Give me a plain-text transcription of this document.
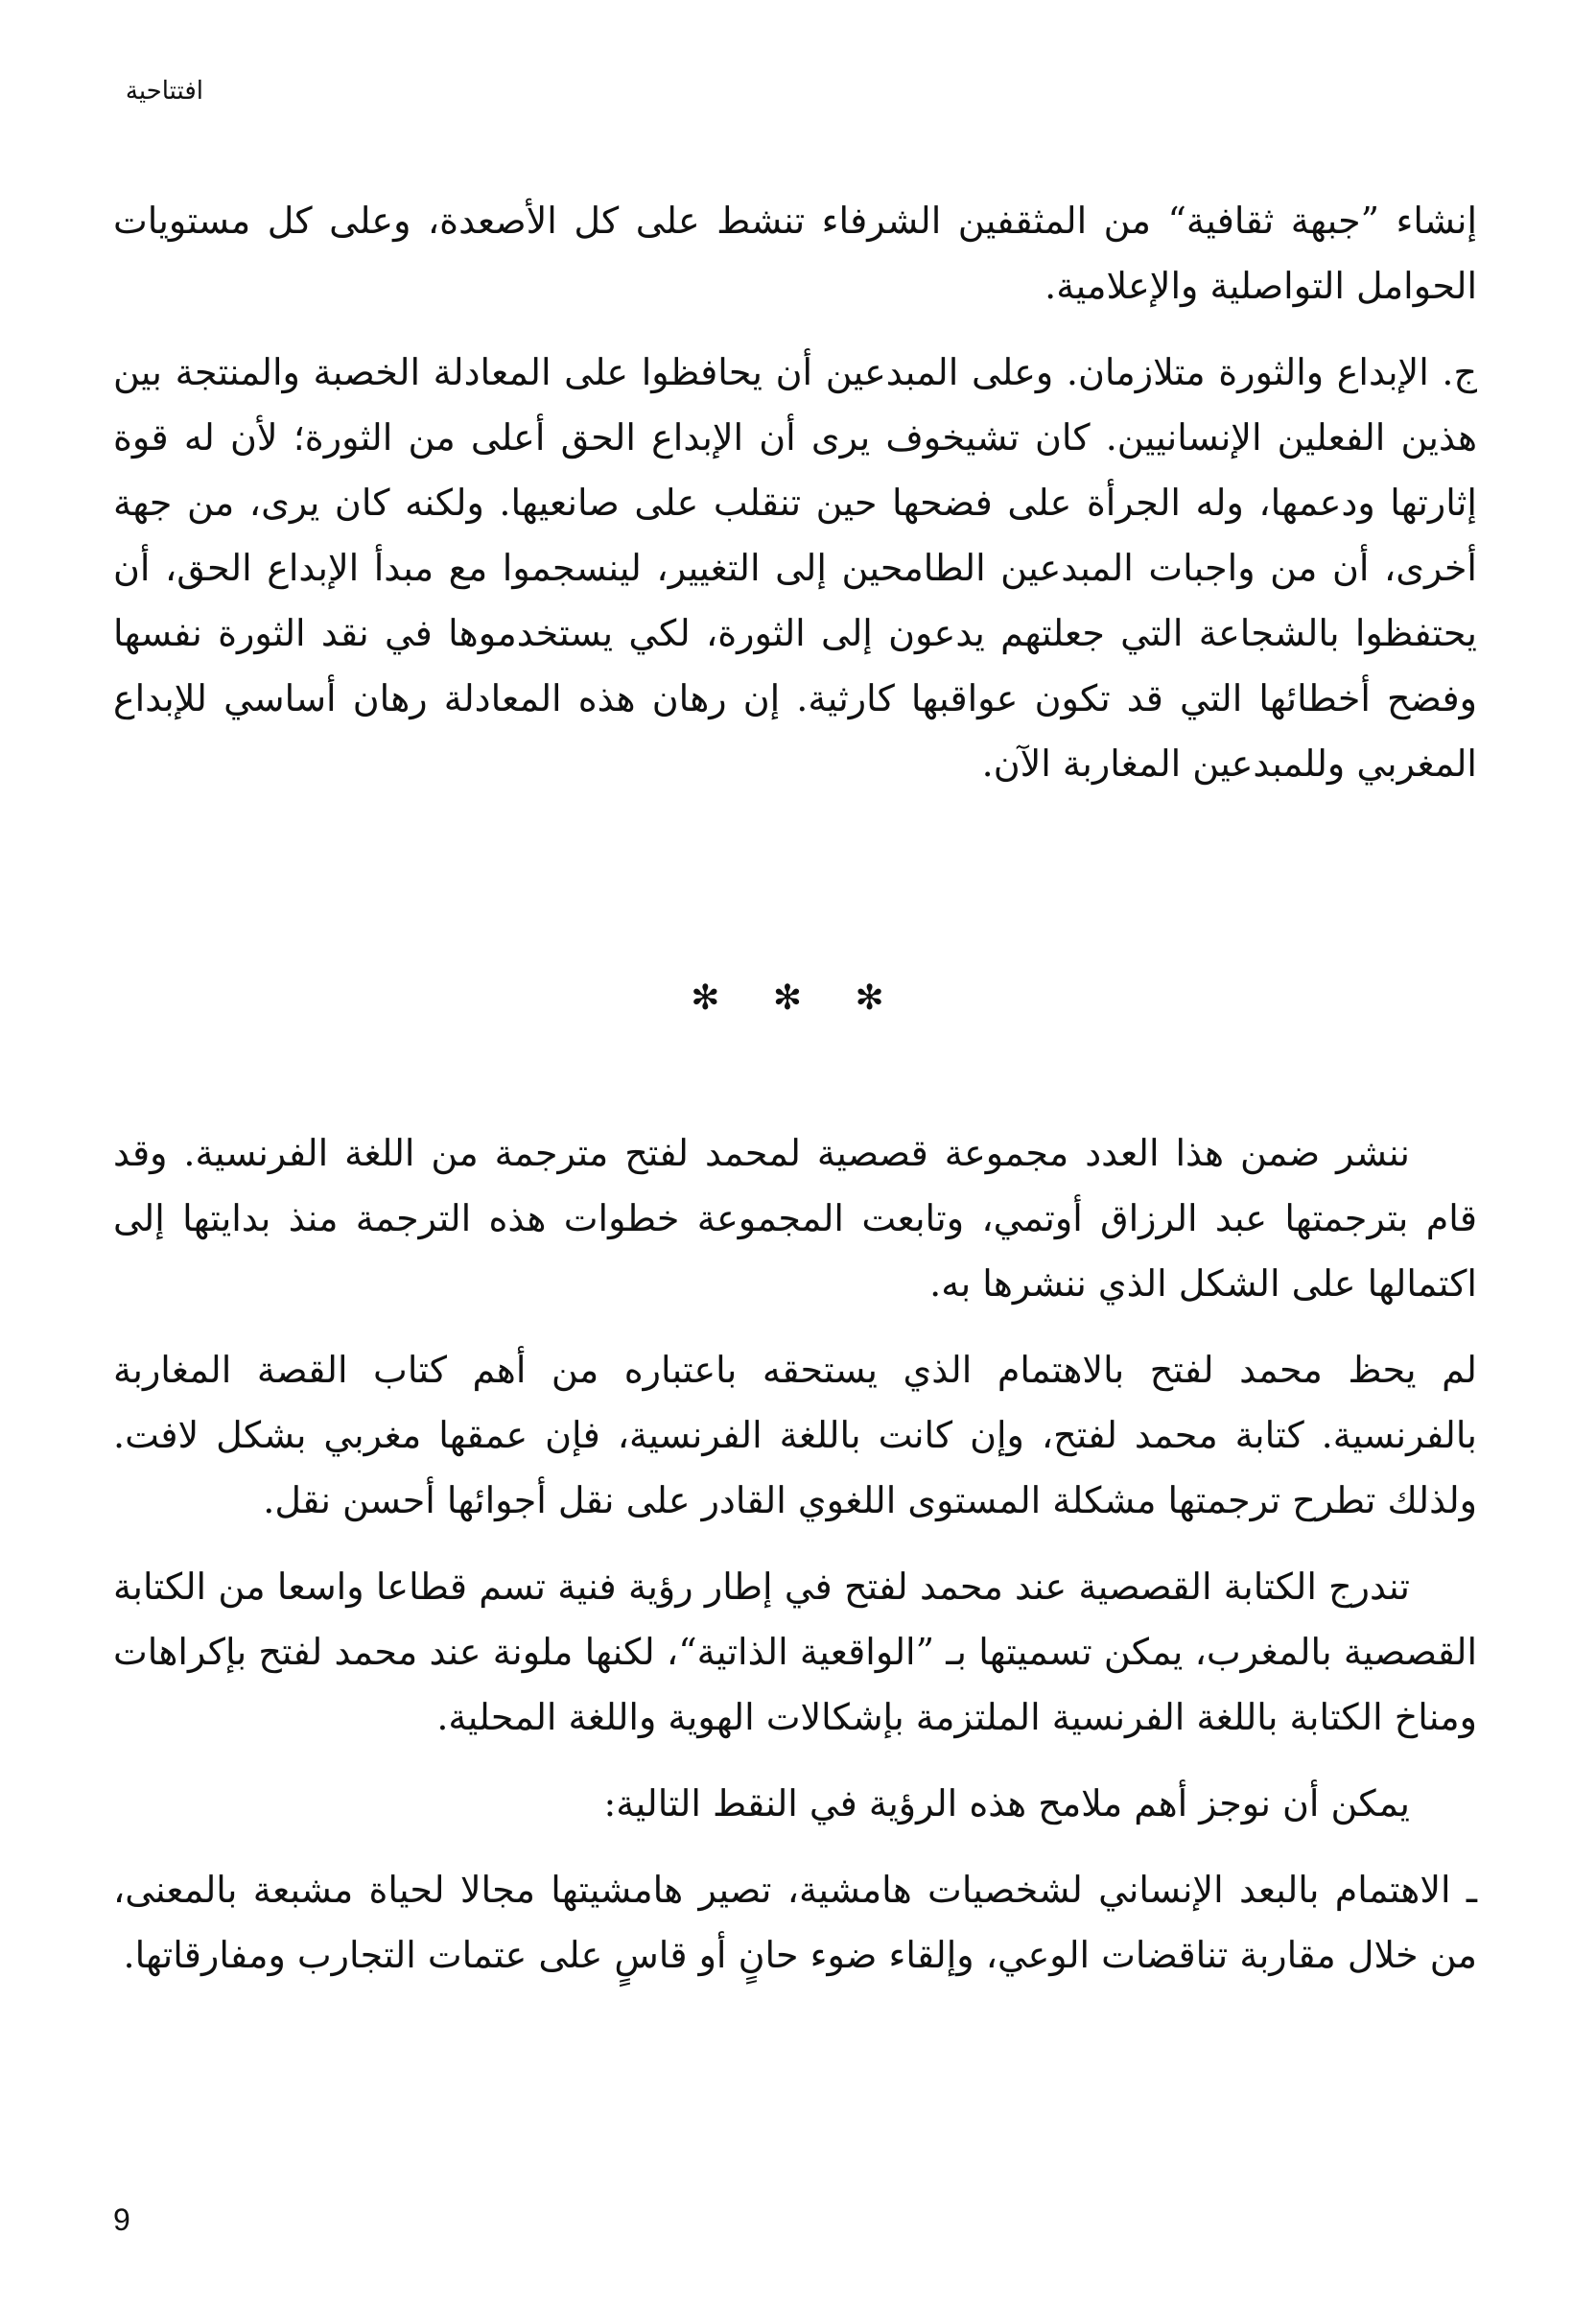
افتتاحية

إنشاء ”جبهة ثقافية“ من المثقفين الشرفاء تنشط على كل الأصعدة، وعلى كل مستويات الحوامل التواصلية والإعلامية.

ج. الإبداع والثورة متلازمان. وعلى المبدعين أن يحافظوا على المعادلة الخصبة والمنتجة بين هذين الفعلين الإنسانيين. كان تشيخوف يرى أن الإبداع الحق أعلى من الثورة؛ لأن له قوة إثارتها ودعمها، وله الجرأة على فضحها حين تنقلب على صانعيها. ولكنه كان يرى، من جهة أخرى، أن من واجبات المبدعين الطامحين إلى التغيير، لينسجموا مع مبدأ الإبداع الحق، أن يحتفظوا بالشجاعة التي جعلتهم يدعون إلى الثورة، لكي يستخدموها في نقد الثورة نفسها وفضح أخطائها التي قد تكون عواقبها كارثية. إن رهان هذه المعادلة رهان أساسي للإبداع المغربي وللمبدعين المغاربة الآن.

✻ ✻ ✻

ننشر ضمن هذا العدد مجموعة قصصية لمحمد لفتح مترجمة من اللغة الفرنسية. وقد قام بترجمتها عبد الرزاق أوتمي، وتابعت المجموعة خطوات هذه الترجمة منذ بدايتها إلى اكتمالها على الشكل الذي ننشرها به.

لم يحظ محمد لفتح بالاهتمام الذي يستحقه باعتباره من أهم كتاب القصة المغاربة بالفرنسية. كتابة محمد لفتح، وإن كانت باللغة الفرنسية، فإن عمقها مغربي بشكل لافت. ولذلك تطرح ترجمتها مشكلة المستوى اللغوي القادر على نقل أجوائها أحسن نقل.

تندرج الكتابة القصصية عند محمد لفتح في إطار رؤية فنية تسم قطاعا واسعا من الكتابة القصصية بالمغرب، يمكن تسميتها بـ ”الواقعية الذاتية“، لكنها ملونة عند محمد لفتح بإكراهات ومناخ الكتابة باللغة الفرنسية الملتزمة بإشكالات الهوية واللغة المحلية.

يمكن أن نوجز أهم ملامح هذه الرؤية في النقط التالية:

ـ الاهتمام بالبعد الإنساني لشخصيات هامشية، تصير هامشيتها مجالا لحياة مشبعة بالمعنى، من خلال مقاربة تناقضات الوعي، وإلقاء ضوء حانٍ أو قاسٍ على عتمات التجارب ومفارقاتها.

9
